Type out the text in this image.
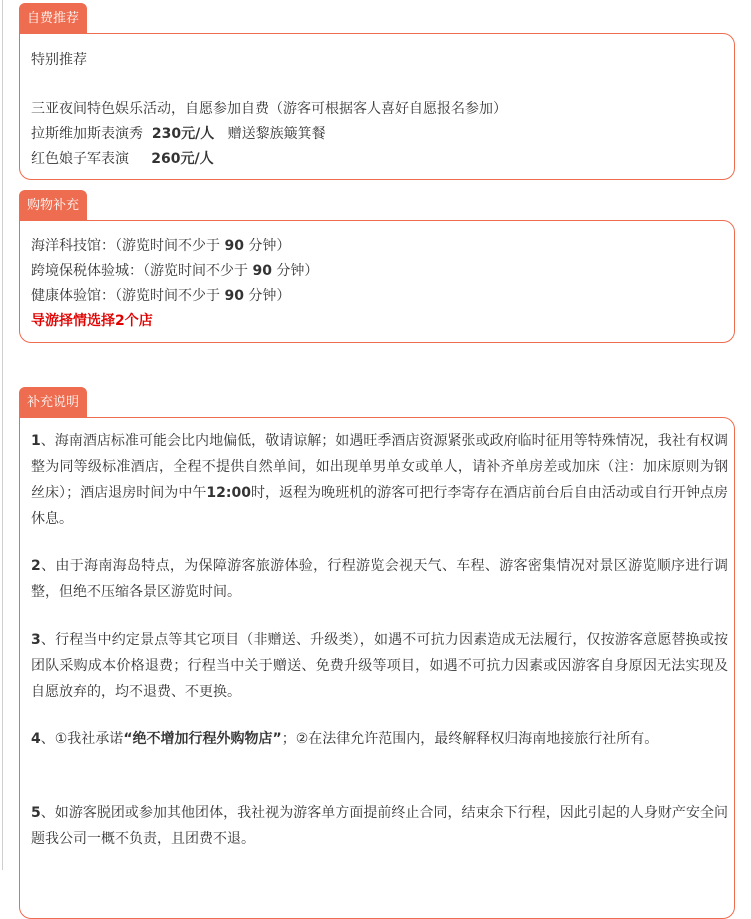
自费推荐
特别推荐
三亚夜间特色娱乐活动，自愿参加自费（游客可根据客人喜好自愿报名参加）
拉斯维加斯表演秀 230元/人 赠送黎族簸箕餐
红色娘子军表演 260元/人
购物补充
海洋科技馆：（游览时间不少于 90 分钟）
跨境保税体验城：（游览时间不少于 90 分钟）
健康体验馆：（游览时间不少于 90 分钟）
导游择情选择2个店
补充说明
1、海南酒店标准可能会比内地偏低，敬请谅解；如遇旺季酒店资源紧张或政府临时征用等特殊情况，我社有权调整为同等级标准酒店，全程不提供自然单间，如出现单男单女或单人，请补齐单房差或加床（注：加床原则为钢丝床）；酒店退房时间为中午12:00时，返程为晚班机的游客可把行李寄存在酒店前台后自由活动或自行开钟点房休息。
2、由于海南海岛特点，为保障游客旅游体验，行程游览会视天气、车程、游客密集情况对景区游览顺序进行调整，但绝不压缩各景区游览时间。
3、行程当中约定景点等其它项目（非赠送、升级类），如遇不可抗力因素造成无法履行，仅按游客意愿替换或按团队采购成本价格退费；行程当中关于赠送、免费升级等项目，如遇不可抗力因素或因游客自身原因无法实现及自愿放弃的，均不退费、不更换。
4、①我社承诺“绝不增加行程外购物店”；②在法律允许范围内，最终解释权归海南地接旅行社所有。
5、如游客脱团或参加其他团体，我社视为游客单方面提前终止合同，结束余下行程，因此引起的人身财产安全问题我公司一概不负责，且团费不退。
